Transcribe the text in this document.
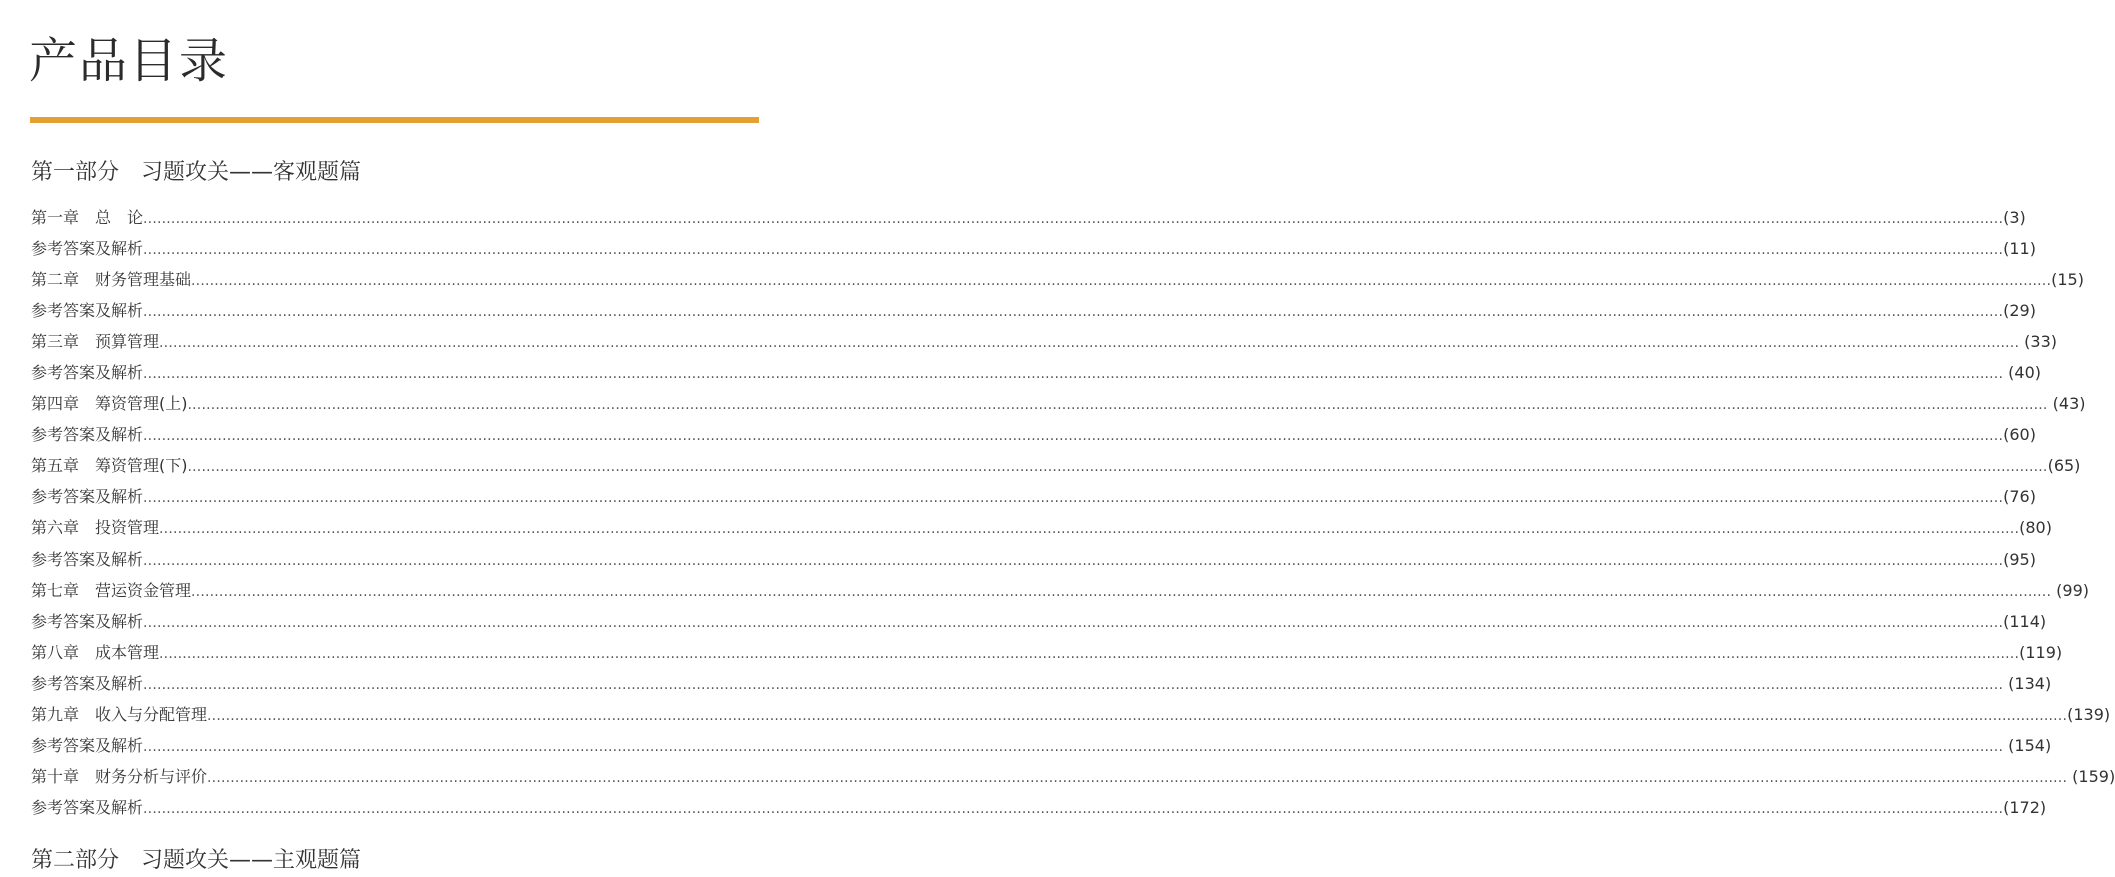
产品目录
第一部分　习题攻关——客观题篇
第一章　总　论 ................................................................................................................................................................................................................................................................................................................................................................................................................ (3)
参考答案及解析 ................................................................................................................................................................................................................................................................................................................................................................................................................ (11)
第二章　财务管理基础 ................................................................................................................................................................................................................................................................................................................................................................................................................ (15)
参考答案及解析 ................................................................................................................................................................................................................................................................................................................................................................................................................ (29)
第三章　预算管理 ................................................................................................................................................................................................................................................................................................................................................................................................................ (33)
参考答案及解析 ................................................................................................................................................................................................................................................................................................................................................................................................................ (40)
第四章　筹资管理(上) ................................................................................................................................................................................................................................................................................................................................................................................................................ (43)
参考答案及解析 ................................................................................................................................................................................................................................................................................................................................................................................................................ (60)
第五章　筹资管理(下) ................................................................................................................................................................................................................................................................................................................................................................................................................ (65)
参考答案及解析 ................................................................................................................................................................................................................................................................................................................................................................................................................ (76)
第六章　投资管理 ................................................................................................................................................................................................................................................................................................................................................................................................................ (80)
参考答案及解析 ................................................................................................................................................................................................................................................................................................................................................................................................................ (95)
第七章　营运资金管理 ................................................................................................................................................................................................................................................................................................................................................................................................................ (99)
参考答案及解析 ................................................................................................................................................................................................................................................................................................................................................................................................................ (114)
第八章　成本管理 ................................................................................................................................................................................................................................................................................................................................................................................................................ (119)
参考答案及解析 ................................................................................................................................................................................................................................................................................................................................................................................................................ (134)
第九章　收入与分配管理 ................................................................................................................................................................................................................................................................................................................................................................................................................ (139)
参考答案及解析 ................................................................................................................................................................................................................................................................................................................................................................................................................ (154)
第十章　财务分析与评价 ................................................................................................................................................................................................................................................................................................................................................................................................................ (159)
参考答案及解析 ................................................................................................................................................................................................................................................................................................................................................................................................................ (172)
第二部分　习题攻关——主观题篇
